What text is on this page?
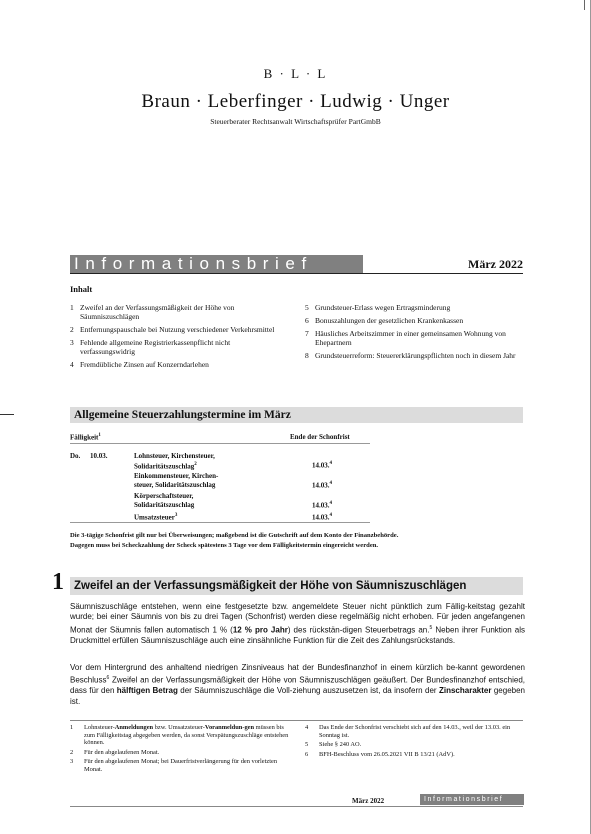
B · L · L
Braun · Leberfinger · Ludwig · Unger
Steuerberater Rechtsanwalt Wirtschaftsprüfer PartGmbB
Informationsbrief	März 2022
Inhalt
1 Zweifel an der Verfassungsmäßigkeit der Höhe von Säumniszuschlägen
2 Entfernungspauschale bei Nutzung verschiedener Verkehrsmittel
3 Fehlende allgemeine Registrierkassenpflicht nicht verfassungswidrig
4 Fremdübliche Zinsen auf Konzerndarlehen
5 Grundsteuer-Erlass wegen Ertragsminderung
6 Bonuszahlungen der gesetzlichen Krankenkassen
7 Häusliches Arbeitszimmer in einer gemeinsamen Wohnung von Ehepartnern
8 Grundsteuerreform: Steuererklärungspflichten noch in diesem Jahr
Allgemeine Steuerzahlungstermine im März
Fälligkeit$^1$	Ende der Schonfrist
Do. 10.03.	Lohnsteuer, Kirchensteuer,
Solidaritätszuschlag$^2$	14.03.$^4$
Einkommensteuer, Kirchen-
steuer, Solidaritätszuschlag	14.03.$^4$
Körperschaftsteuer,
Solidaritätszuschlag	14.03.$^4$
Umsatzsteuer$^3$	14.03.$^4$
Die 3-tägige Schonfrist gilt nur bei Überweisungen; maßgebend ist die Gutschrift auf dem Konto der Finanzbehörde.
Dagegen muss bei Scheckzahlung der Scheck spätestens 3 Tage vor dem Fälligkeitstermin eingereicht werden.
1 Zweifel an der Verfassungsmäßigkeit der Höhe von Säumniszuschlägen
Säumniszuschläge entstehen, wenn eine festgesetzte bzw. angemeldete Steuer nicht pünktlich zum Fällig-keitstag gezahlt wurde; bei einer Säumnis von bis zu drei Tagen (Schonfrist) werden diese regelmäßig nicht erhoben. Für jeden angefangenen Monat der Säumnis fallen automatisch 1 % (12 % pro Jahr) des rückstän-digen Steuerbetrags an.$^5$ Neben ihrer Funktion als Druckmittel erfüllen Säumniszuschläge auch eine zinsähnliche Funktion für die Zeit des Zahlungsrückstands.
Vor dem Hintergrund des anhaltend niedrigen Zinsniveaus hat der Bundesfinanzhof in einem kürzlich be-kannt gewordenen Beschluss$^6$ Zweifel an der Verfassungsmäßigkeit der Höhe von Säumniszuschlägen geäußert. Der Bundesfinanzhof entschied, dass für den hälftigen Betrag der Säumniszuschläge die Voll-ziehung auszusetzen ist, da insofern der Zinscharakter gegeben ist.
1	Lohnsteuer-Anmeldungen bzw. Umsatzsteuer-Voranmeldun-gen müssen bis zum Fälligkeitstag abgegeben werden, da sonst Verspätungszuschläge entstehen können.
2	Für den abgelaufenen Monat.
3	Für den abgelaufenen Monat; bei Dauerfristverlängerung für den vorletzten Monat.
4	Das Ende der Schonfrist verschiebt sich auf den 14.03., weil der 13.03. ein Sonntag ist.
5	Siehe § 240 AO.
6	BFH-Beschluss vom 26.05.2021 VII B 13/21 (AdV).
März 2022	Informationsbrief
